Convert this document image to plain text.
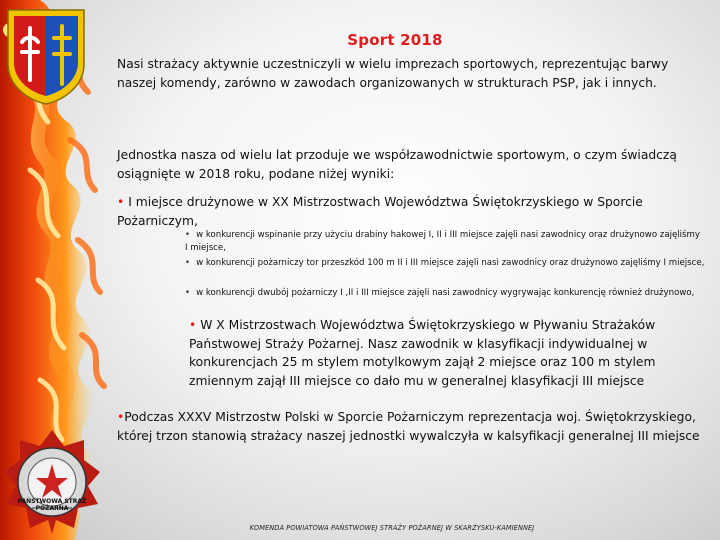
PAŃSTWOWA STRAŻ POŻARNA
Sport 2018
Nasi strażacy aktywnie uczestniczyli w wielu imprezach sportowych, reprezentując barwy naszej komendy, zarówno w zawodach organizowanych w strukturach PSP, jak i innych.
Jednostka nasza od wielu lat przoduje we współzawodnictwie sportowym, o czym świadczą osiągnięte w 2018 roku, podane niżej wyniki:
• I miejsce drużynowe w XX Mistrzostwach Województwa Świętokrzyskiego w Sporcie Pożarniczym,
• w konkurencji wspinanie przy użyciu drabiny hakowej I, II i III miejsce zajęli nasi zawodnicy oraz drużynowo zajęliśmy I miejsce,
• w konkurencji pożarniczy tor przeszkód 100 m II i III miejsce zajęli nasi zawodnicy oraz drużynowo zajęliśmy I miejsce,
• w konkurencji dwubój pożarniczy I ,II i III miejsce zajęli nasi zawodnicy wygrywając konkurencję również drużynowo,
• W X Mistrzostwach Województwa Świętokrzyskiego w Pływaniu Strażaków Państwowej Straży Pożarnej. Nasz zawodnik w klasyfikacji indywidualnej w konkurencjach 25 m stylem motylkowym zajął 2 miejsce oraz 100 m stylem zmiennym zajął III miejsce co dało mu w generalnej klasyfikacji III miejsce
•Podczas XXXV Mistrzostw Polski w Sporcie Pożarniczym reprezentacja woj. Świętokrzyskiego, której trzon stanowią strażacy naszej jednostki wywalczyła w kalsyfikacji generalnej III miejsce
KOMENDA POWIATOWA PAŃSTWOWEJ STRAŻY POŻARNEJ W SKARŻYSKU-KAMIENNEJ
